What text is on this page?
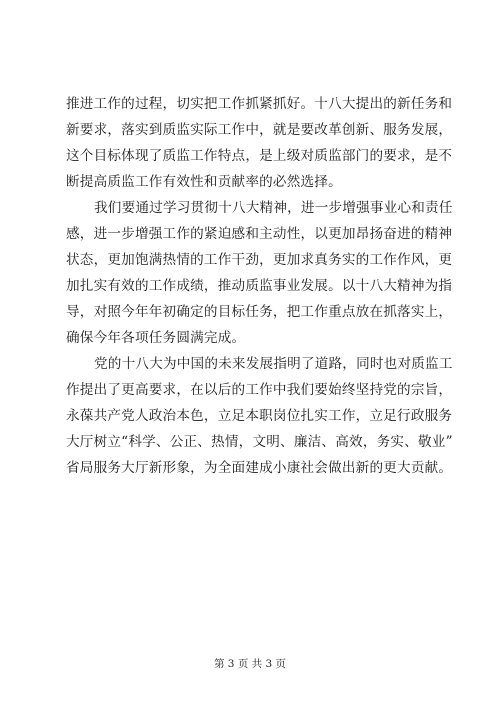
推进工作的过程，切实把工作抓紧抓好。十八大提出的新任务和
新要求，落实到质监实际工作中，就是要改革创新、服务发展，
这个目标体现了质监工作特点，是上级对质监部门的要求，是不
断提高质监工作有效性和贡献率的必然选择。
我们要通过学习贯彻十八大精神，进一步增强事业心和责任
感，进一步增强工作的紧迫感和主动性，以更加昂扬奋进的精神
状态，更加饱满热情的工作干劲，更加求真务实的工作作风，更
加扎实有效的工作成绩，推动质监事业发展。以十八大精神为指
导，对照今年年初确定的目标任务，把工作重点放在抓落实上，
确保今年各项任务圆满完成。
党的十八大为中国的未来发展指明了道路，同时也对质监工
作提出了更高要求，在以后的工作中我们要始终坚持党的宗旨，
永葆共产党人政治本色，立足本职岗位扎实工作，立足行政服务
大厅树立“科学、公正、热情，文明、廉洁、高效，务实、敬业”
省局服务大厅新形象，为全面建成小康社会做出新的更大贡献。
第 3 页 共 3 页
